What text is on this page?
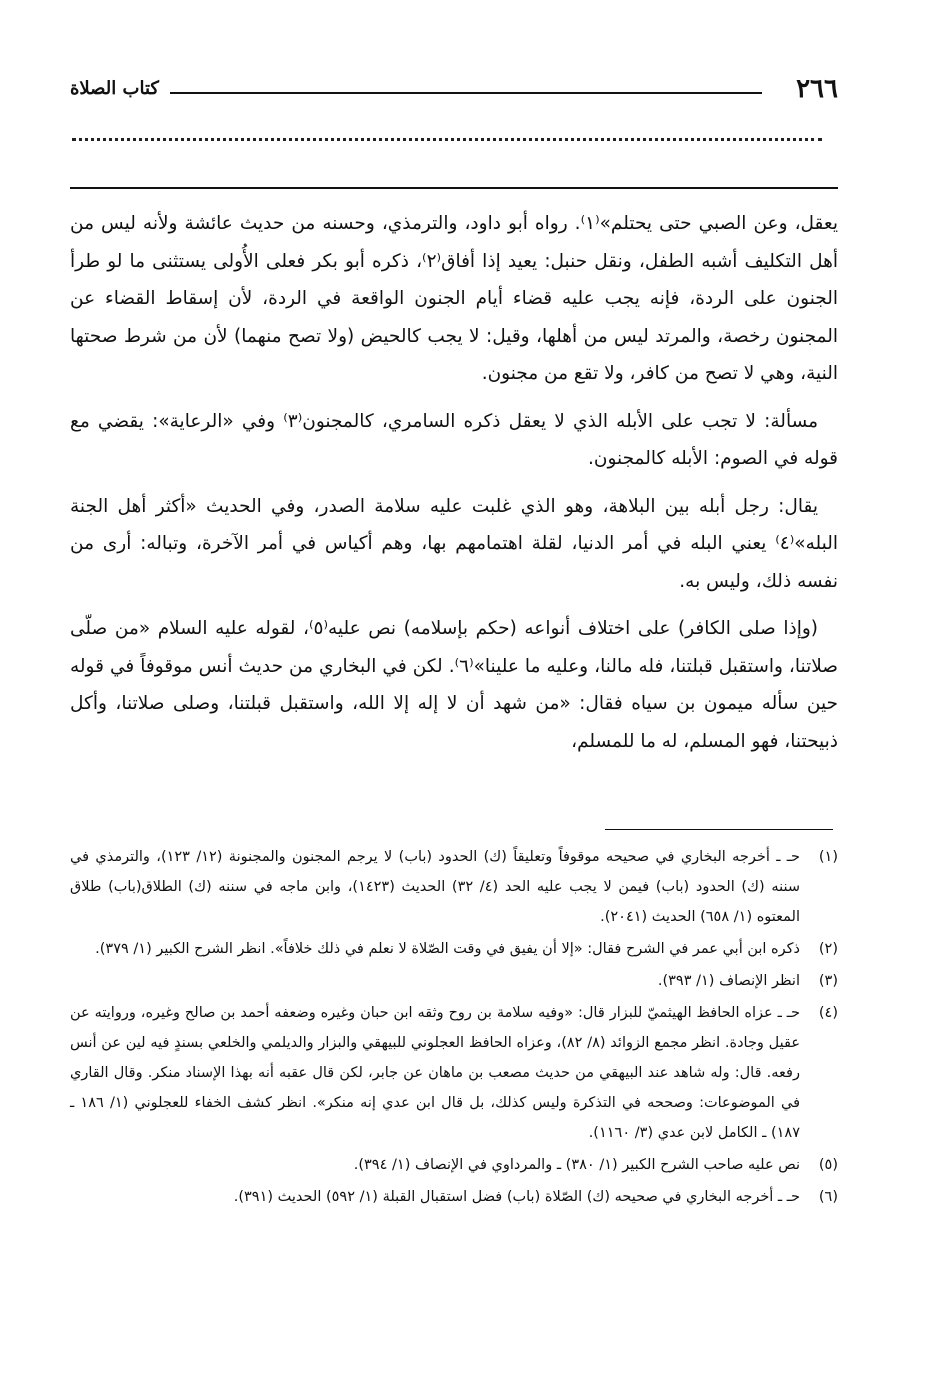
٢٦٦
كتاب الصلاة

يعقل، وعن الصبي حتى يحتلم»⁽١⁾. رواه أبو داود، والترمذي، وحسنه من حديث عائشة ولأنه ليس من أهل التكليف أشبه الطفل، ونقل حنبل: يعيد إذا أفاق⁽٢⁾، ذكره أبو بكر فعلى الأُولى يستثنى ما لو طرأ الجنون على الردة، فإنه يجب عليه قضاء أيام الجنون الواقعة في الردة، لأن إسقاط القضاء عن المجنون رخصة، والمرتد ليس من أهلها، وقيل: لا يجب كالحيض (ولا تصح منهما) لأن من شرط صحتها النية، وهي لا تصح من كافر، ولا تقع من مجنون.

مسألة: لا تجب على الأبله الذي لا يعقل ذكره السامري، كالمجنون⁽٣⁾ وفي «الرعاية»: يقضي مع قوله في الصوم: الأبله كالمجنون.

يقال: رجل أبله بين البلاهة، وهو الذي غلبت عليه سلامة الصدر، وفي الحديث «أكثر أهل الجنة البله»⁽٤⁾ يعني البله في أمر الدنيا، لقلة اهتمامهم بها، وهم أكياس في أمر الآخرة، وتباله: أرى من نفسه ذلك، وليس به.

(وإذا صلى الكافر) على اختلاف أنواعه (حكم بإسلامه) نص عليه⁽٥⁾، لقوله عليه السلام «من صلّى صلاتنا، واستقبل قبلتنا، فله مالنا، وعليه ما علينا»⁽٦⁾. لكن في البخاري من حديث أنس موقوفاً في قوله حين سأله ميمون بن سياه فقال: «من شهد أن لا إله إلا الله، واستقبل قبلتنا، وصلى صلاتنا، وأكل ذبيحتنا، فهو المسلم، له ما للمسلم،

(١)
حـ ـ أخرجه البخاري في صحيحه موقوفاً وتعليقاً (ك) الحدود (باب) لا يرجم المجنون والمجنونة (١٢/ ١٢٣)، والترمذي في سننه (ك) الحدود (باب) فيمن لا يجب عليه الحد (٤/ ٣٢) الحديث (١٤٢٣)، وابن ماجه في سننه (ك) الطلاق(باب) طلاق المعتوه (١/ ٦٥٨) الحديث (٢٠٤١).
(٢)
ذكره ابن أبي عمر في الشرح فقال: «إلا أن يفيق في وقت الصّلاة لا نعلم في ذلك خلافاً». انظر الشرح الكبير (١/ ٣٧٩).
(٣)
انظر الإنصاف (١/ ٣٩٣).
(٤)
حـ ـ عزاه الحافظ الهيثميّ للبزار قال: «وفيه سلامة بن روح وثقه ابن حبان وغيره وضعفه أحمد بن صالح وغيره، وروايته عن عقيل وجادة. انظر مجمع الزوائد (٨/ ٨٢)، وعزاه الحافظ العجلوني للبيهقي والبزار والديلمي والخلعي بسندٍ فيه لين عن أنس رفعه. قال: وله شاهد عند البيهقي من حديث مصعب بن ماهان عن جابر، لكن قال عقبه أنه بهذا الإسناد منكر. وقال القاري في الموضوعات: وصححه في التذكرة وليس كذلك، بل قال ابن عدي إنه منكر». انظر كشف الخفاء للعجلوني (١/ ١٨٦ ـ ١٨٧) ـ الكامل لابن عدي (٣/ ١١٦٠).
(٥)
نص عليه صاحب الشرح الكبير (١/ ٣٨٠) ـ والمرداوي في الإنصاف (١/ ٣٩٤).
(٦)
حـ ـ أخرجه البخاري في صحيحه (ك) الصّلاة (باب) فضل استقبال القبلة (١/ ٥٩٢) الحديث (٣٩١).
